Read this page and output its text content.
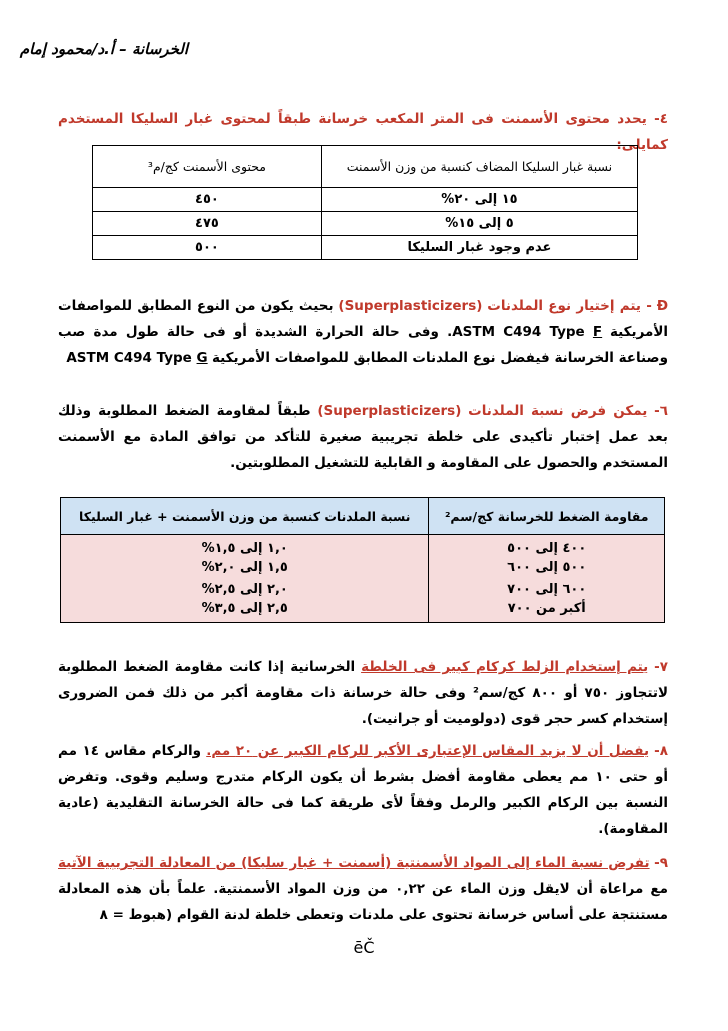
الخرسانة – أ.د/محمود إمام
٤- يحدد محتوى الأسمنت فى المتر المكعب خرسانة طبقاً لمحتوى غبار السليكا المستخدم كمايلى:
نسبة غبار السليكا المضاف كنسبة من وزن الأسمنت	محتوى الأسمنت كج/م³
١٥ إلى ٢٠%	٤٥٠
٥ إلى ١٥%	٤٧٥
عدم وجود غبار السليكا	٥٠٠
Ð - يتم إختيار نوع الملدنات (Superplasticizers) بحيث يكون من النوع المطابق للمواصفات الأمريكية ASTM C494 Type F. وفى حالة الحرارة الشديدة أو فى حالة طول مدة صب وصناعة الخرسانة فيفضل نوع الملدنات المطابق للمواصفات الأمريكية ASTM C494 Type G
٦- يمكن فرض نسبة الملدنات (Superplasticizers) طبقاً لمقاومة الضغط المطلوبة وذلك بعد عمل إختبار تأكيدى على خلطة تجريبية صغيرة للتأكد من توافق المادة مع الأسمنت المستخدم والحصول على المقاومة و القابلية للتشغيل المطلوبتين.
مقاومة الضغط للخرسانة كج/سم²	نسبة الملدنات كنسبة من وزن الأسمنت + غبار السليكا
٤٠٠ إلى ٥٠٠	١,٠ إلى ١,٥%
٥٠٠ إلى ٦٠٠	١,٥ إلى ٢,٠%
٦٠٠ إلى ٧٠٠	٢,٠ إلى ٢,٥%
أكبر من ٧٠٠	٢,٥ إلى ٣,٥%
٧- يتم إستخدام الزلط كركام كبير فى الخلطة الخرسانية إذا كانت مقاومة الضغط المطلوبة لاتتجاوز ٧٥٠ أو ٨٠٠ كج/سم² وفى حالة خرسانة ذات مقاومة أكبر من ذلك فمن الضرورى إستخدام كسر حجر قوى (دولوميت أو جرانيت).
٨- يفضل أن لا يزيد المقاس الإعتبارى الأكبر للركام الكبير عن ٢٠ مم. والركام مقاس ١٤ مم أو حتى ١٠ مم يعطى مقاومة أفضل بشرط أن يكون الركام متدرج وسليم وقوى. وتفرض النسبة بين الركام الكبير والرمل وفقاً لأى طريقة كما فى حالة الخرسانة التقليدية (عادية المقاومة).
٩- تفرض نسبة الماء إلى المواد الأسمنتية (أسمنت + غبار سليكا) من المعادلة التجريبية الآتية مع مراعاة أن لايقل وزن الماء عن ٠,٢٢ من وزن المواد الأسمنتية. علماً بأن هذه المعادلة مستنتجة على أساس خرسانة تحتوى على ملدنات وتعطى خلطة لدنة القوام (هبوط = ٨
ēČ
